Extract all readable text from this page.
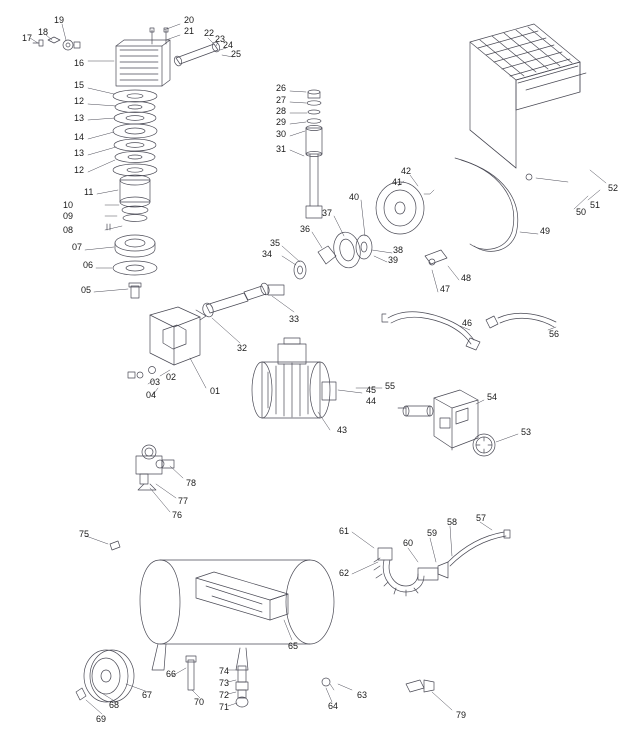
17
18
19
16
15
12
13
14
13
12
11
10
09
08
07
06
05
20
21 22
23
24
25
26
27
28
29
30
31
42
41
40
37
36
35
34	38
39
48
47
49
50
51
52
46
56
33
32
03 02
04	01
43
44
45 55
54
53
78
77
76
75	61
62
60
59
58 57
65
66
67
68
69
70 71
72
73
74
64
63
79
